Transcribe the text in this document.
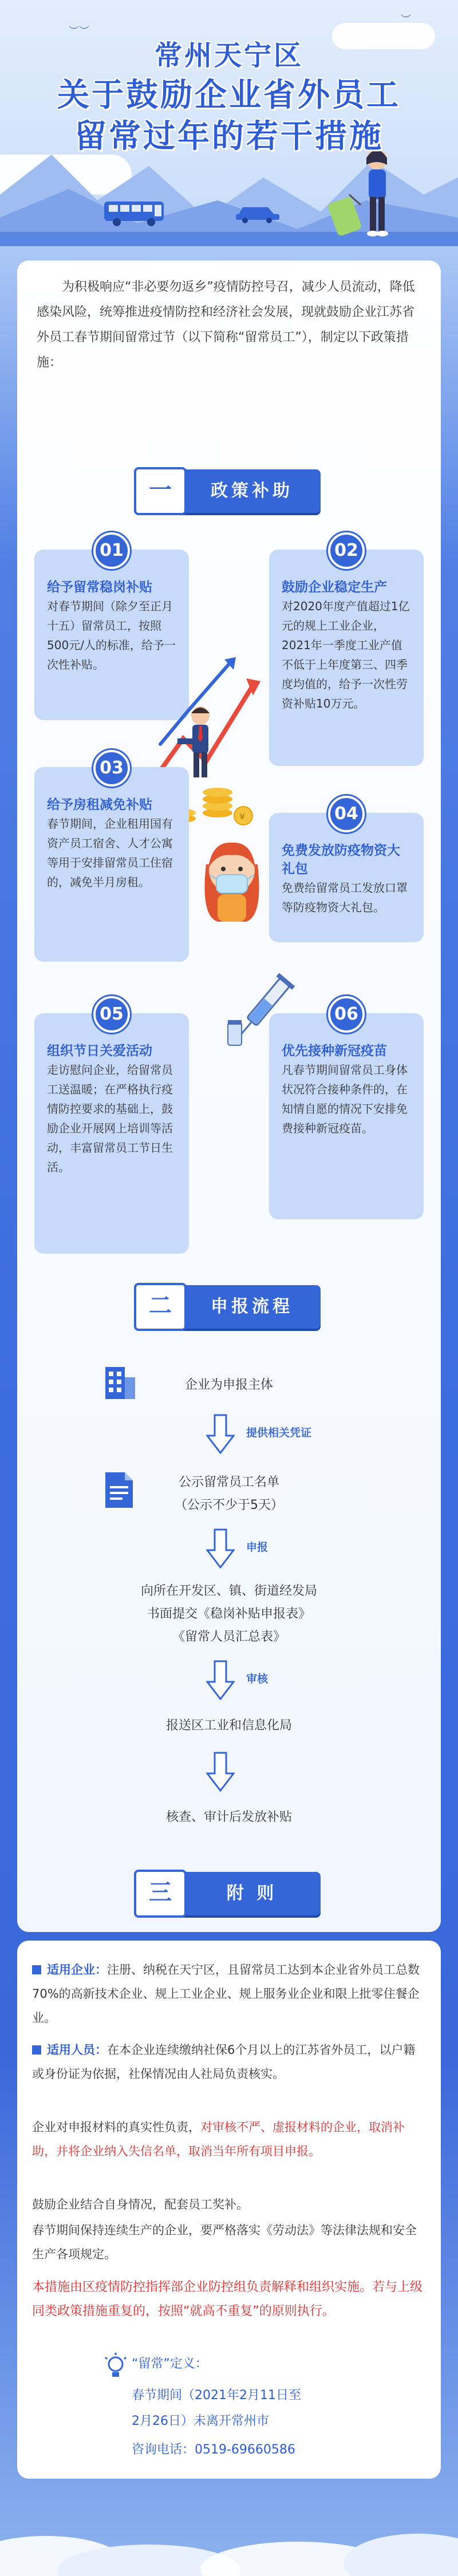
︶︶
︶
常州天宁区
关于鼓励企业省外员工
留常过年的若干措施
为积极响应“非必要勿返乡”疫情防控号召，减少人员流动，降低感染风险，统筹推进疫情防控和经济社会发展，现就鼓励企业江苏省外员工春节期间留常过节（以下简称“留常员工”），制定以下政策措施：
一	政策补助
01
给予留常稳岗补贴
对春节期间（除夕至正月十五）留常员工，按照500元/人的标准，给予一次性补贴。
02
鼓励企业稳定生产
对2020年度产值超过1亿元的规上工业企业，2021年一季度工业产值不低于上年度第三、四季度均值的，给予一次性劳资补贴10万元。
¥
03
给予房租减免补贴
春节期间，企业租用国有资产员工宿舍、人才公寓等用于安排留常员工住宿的，减免半月房租。
04
免费发放防疫物资大礼包
免费给留常员工发放口罩等防疫物资大礼包。
05
组织节日关爱活动
走访慰问企业，给留常员工送温暖；在严格执行疫情防控要求的基础上，鼓励企业开展网上培训等活动，丰富留常员工节日生活。
06
优先接种新冠疫苗
凡春节期间留常员工身体状况符合接种条件的，在知情自愿的情况下安排免费接种新冠疫苗。
二	申报流程
企业为申报主体
提供相关凭证
公示留常员工名单
（公示不少于5天）
申报
向所在开发区、镇、街道经发局
书面提交《稳岗补贴申报表》
《留常人员汇总表》
审核
报送区工业和信息化局
核查、审计后发放补贴
三	附 则
适用企业：注册、纳税在天宁区，且留常员工达到本企业省外员工总数70%的高新技术企业、规上工业企业、规上服务业企业和限上批零住餐企业。
适用人员：在本企业连续缴纳社保6个月以上的江苏省外员工，以户籍或身份证为依据，社保情况由人社局负责核实。
企业对申报材料的真实性负责，对审核不严、虚报材料的企业，取消补助，并将企业纳入失信名单，取消当年所有项目申报。
鼓励企业结合自身情况，配套员工奖补。
春节期间保持连续生产的企业，要严格落实《劳动法》等法律法规和安全生产各项规定。
本措施由区疫情防控指挥部企业防控组负责解释和组织实施。若与上级同类政策措施重复的，按照“就高不重复”的原则执行。
“留常”定义：
春节期间（2021年2月11日至
2月26日）未离开常州市
咨询电话：0519-69660586
